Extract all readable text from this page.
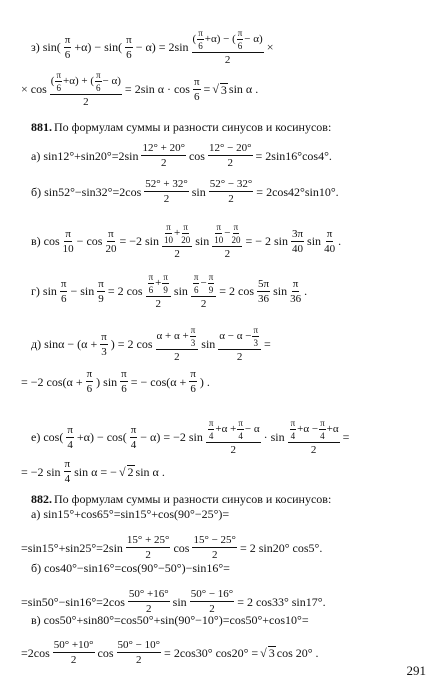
з) $\sin( \frac{\pi}{6} +\alpha) - \sin( \frac{\pi}{6} - \alpha) = 2\sin \frac{( \frac{\pi}{6} +\alpha) - ( \frac{\pi}{6} - \alpha)}{2}$ ×
× $\cos \frac{( \frac{\pi}{6} +\alpha) + ( \frac{\pi}{6} - \alpha)}{2} = 2\sin$ $\alpha \cdot \cos \frac{\pi}{6}$ = √ 3 sin α .
881. По формулам суммы и разности синусов и косинусов:
а) $\sin 12^\circ+\sin 20^\circ=2\sin \frac{12^\circ + 20^\circ}{2}$ $\cos \frac{12^\circ - 20^\circ}{2} = 2\sin 16^\circ\cos 4^\circ$.
б) $\sin 52^\circ-\sin 32^\circ=2\cos \frac{52^\circ + 32^\circ}{2}$ $\sin \frac{52^\circ - 32^\circ}{2} = 2\cos 42^\circ\sin 10^\circ$.
в) $\cos \frac{\pi}{10} - \cos \frac{\pi}{20} = -2$ $\sin \frac{\frac{\pi}{10} + \frac{\pi}{20}}{2}$ $\sin \frac{\frac{\pi}{10} - \frac{\pi}{20}}{2}$ = − 2 $\sin \frac{3\pi}{40}$ $\sin \frac{\pi}{40}$ .
г) $\sin \frac{\pi}{6} - \sin \frac{\pi}{9} = 2$ $\cos \frac{\frac{\pi}{6} + \frac{\pi}{9}}{2}$ $\sin \frac{\frac{\pi}{6} - \frac{\pi}{9}}{2} = 2$ $\cos \frac{5\pi}{36}$ $\sin \frac{\pi}{36}$ .
д) $\sin\alpha - (\alpha + \frac{\pi}{3}$ ) = 2 $\cos \frac{\alpha + \alpha + \frac{\pi}{3}}{2}$ $\sin \frac{\alpha - \alpha - \frac{\pi}{3}}{2}$ =
= −2 $\cos(\alpha + \frac{\pi}{6}$ ) $\sin \frac{\pi}{6}$ = − $\cos(\alpha + \frac{\pi}{6}$ ) .
е) $\cos( \frac{\pi}{4} +\alpha) - \cos( \frac{\pi}{4} - \alpha) = -2$ $\sin \frac{\frac{\pi}{4} +\alpha + \frac{\pi}{4} - \alpha}{2} \cdot \sin \frac{\frac{\pi}{4} +\alpha - \frac{\pi}{4} +\alpha}{2}$ =
= −2 $\sin \frac{\pi}{4}$ sin α = − √ 2 sin α .
882. По формулам суммы и разности синусов и косинусов:
а) sin15°+cos65°=sin15°+cos(90°−25°)=
$=\sin 15^\circ+\sin 25^\circ=2\sin \frac{15^\circ + 25^\circ}{2}$ $\cos \frac{15^\circ - 25^\circ}{2} = 2$ sin20° cos5°.
б) cos40°−sin16°=cos(90°−50°)−sin16°=
$=\sin 50^\circ-\sin 16^\circ=2\cos \frac{50^\circ +16^\circ}{2}$ $\sin \frac{50^\circ - 16^\circ}{2} = 2$ cos33° sin17°.
в) cos50°+sin80°=cos50°+sin(90°−10°)=cos50°+cos10°=
$=2\cos \frac{50^\circ +10^\circ}{2}$ $\cos \frac{50^\circ - 10^\circ}{2} = 2\cos 30^\circ$ cos20° = √ 3 cos 20° .
291
